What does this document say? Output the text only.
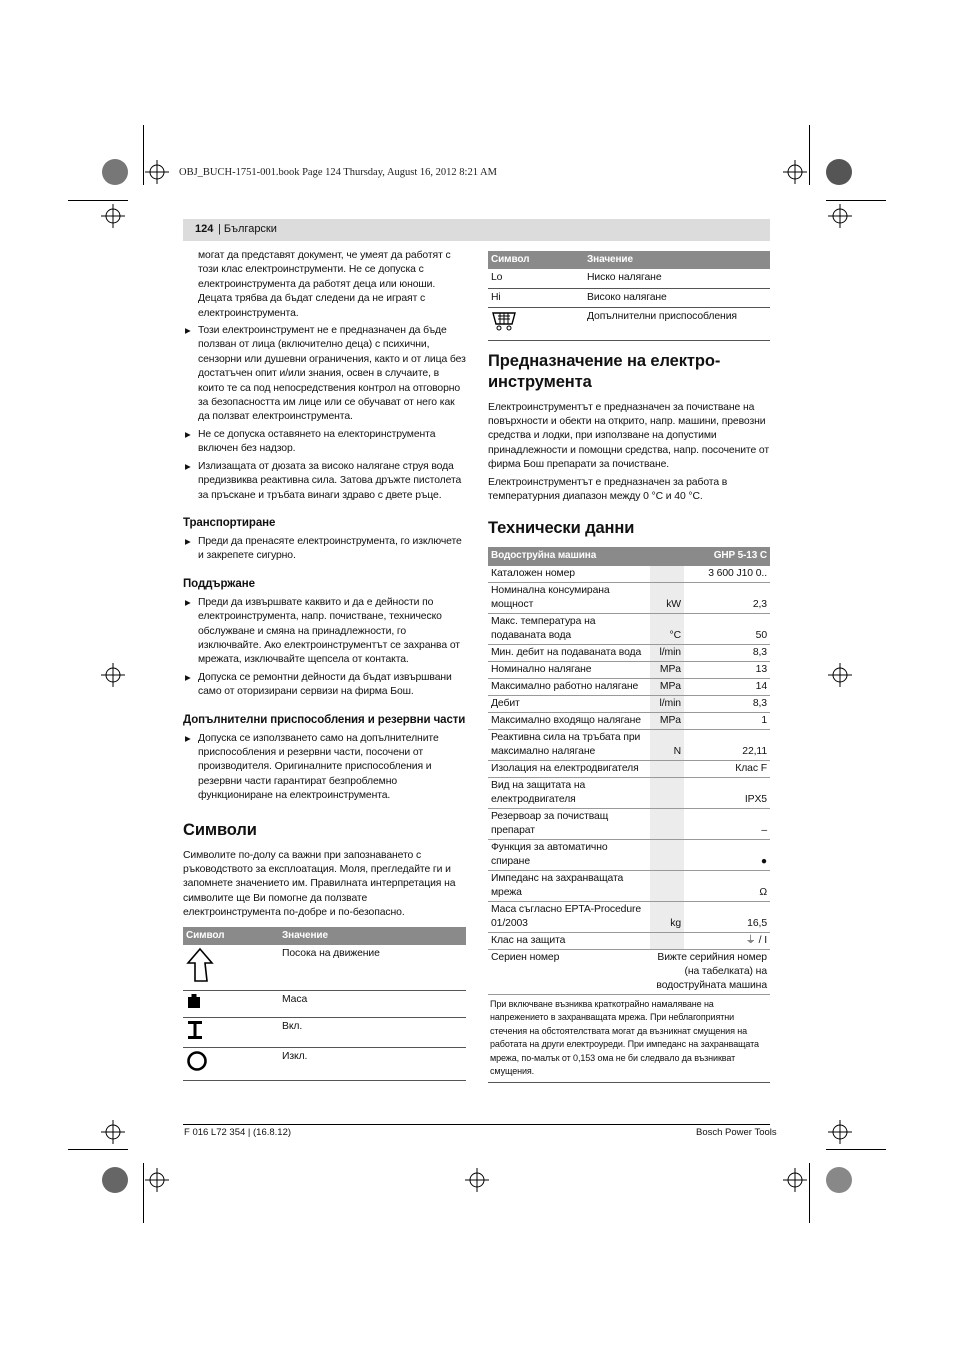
OBJ_BUCH-1751-001.book Page 124 Thursday, August 16, 2012 8:21 AM
124 | Български

могат да представят документ, че умеят да работят с този клас електроинструменти. Не се допуска с електроинструмента да работят деца или юноши. Децата трябва да бъдат следени да не играят с електроинструмента.

▶ Този електроинструмент не е предназначен да бъде ползван от лица (включително деца) с психични, сензорни или душевни ограничения, както и от лица без достатъчен опит и/или знания, освен в случаите, в които те са под непосредствения контрол на отговорно за безопасността им лице или се обучават от него как да ползват електроинструмента.

▶ Не се допуска оставянето на електоринструмента включен без надзор.

▶ Излизащата от дюзата за високо налягане струя вода предизвиква реактивна сила. Затова дръжте пистолета за пръскане и тръбата винаги здраво с двете ръце.

Транспортиране

▶ Преди да пренасяте електроинструмента, го изключете и закрепете сигурно.

Поддържане

▶ Преди да извършвате каквито и да е дейности по електроинструмента, напр. почистване, техническо обслужване и смяна на принадлежности, го изключвайте. Ако електроинструментът се захранва от мрежата, изключвайте щепсела от контакта.

▶ Допуска се ремонтни дейности да бъдат извършвани само от оторизирани сервизи на фирма Бош.

Допълнителни приспособления и резервни части

▶ Допуска се използването само на допълнителните приспособления и резервни части, посочени от производителя. Оригиналните приспособления и резервни части гарантират безпроблемно функциониране на електроинструмента.

Символи

Символите по-долу са важни при запознаването с ръководството за експлоатация. Моля, прегледайте ги и запомнете значението им. Правилната интерпретация на символите ще Ви помогне да ползвате електроинструмента по-добре и по-безопасно.

Символ	Значение
	Посока на движение
	Маса
	Вкл.
	Изкл.
Символ	Значение
Lo	Ниско налягане
Hi	Високо налягане
	Допълнителни приспособления
Предназначение на електро-инструмента

Електроинструментът е предназначен за почистване на повърхности и обекти на открито, напр. машини, превозни средства и лодки, при използване на допустими принадлежности и помощни средства, напр. посочените от фирма Бош препарати за почистване.

Електроинструментът е предназначен за работа в температурния диапазон между 0 °C и 40 °C.

Технически данни
Водоструйна машина		GHP 5-13 C
Каталожен номер		3 600 J10 0..
Номинална консумирана мощност	kW	2,3
Макс. температура на подаваната вода	°C	50
Мин. дебит на подаваната вода	l/min	8,3
Номинално налягане	MPa	13
Максимално работно налягане	MPa	14
Дебит	l/min	8,3
Максимално входящо налягане	MPa	1
Реактивна сила на тръбата при максимално налягане	N	22,11
Изолация на електродвигателя		Клас F
Вид на защитата на електродвигателя		IPX5
Резервоар за почистващ препарат		–
Функция за автоматично спиране		●
Импеданс на захранващата мрежа		Ω
Маса съгласно EPTA-Procedure 01/2003	kg	16,5
Клас на защита		⏚ / I
Сериен номер	Вижте серийния номер (на табелката) на водоструйната машина	
При включване възниква краткотрайно намаляване на напрежението в захранващата мрежа. При неблагоприятни стечения на обстоятелствата могат да възникнат смущения на работата на други електроуреди. При импеданс на захранващата мрежа, по-малък от 0,153 ома не би следвало да възникват смущения.
F 016 L72 354 | (16.8.12)	Bosch Power Tools
